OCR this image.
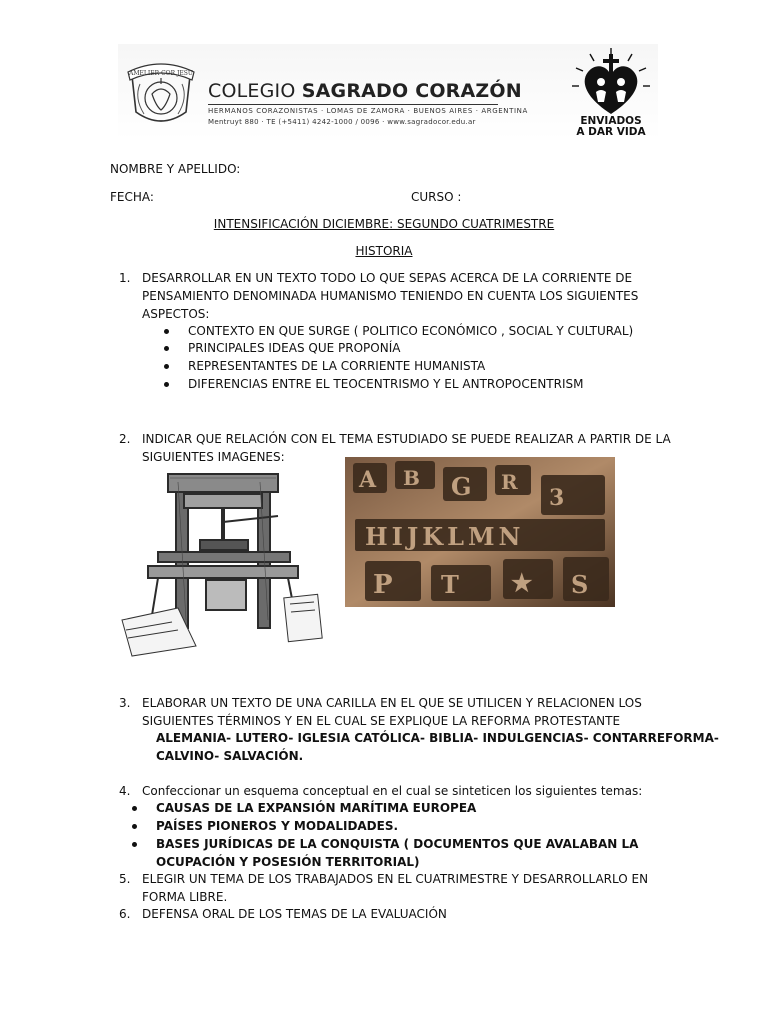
AMELIER COR JESU
COLEGIO SAGRADO CORAZÓN
HERMANOS CORAZONISTAS · LOMAS DE ZAMORA · BUENOS AIRES · ARGENTINA
Mentruyt 880 · TE (+5411) 4242-1000 / 0096 · www.sagradocor.edu.ar	ENVIADOS
A DAR VIDA
NOMBRE Y APELLIDO:
FECHA:	CURSO :
INTENSIFICACIÓN DICIEMBRE: SEGUNDO CUATRIMESTRE
HISTORIA
1. DESARROLLAR EN UN TEXTO TODO LO QUE SEPAS ACERCA DE LA CORRIENTE DE
PENSAMIENTO DENOMINADA HUMANISMO TENIENDO EN CUENTA LOS SIGUIENTES
ASPECTOS:
CONTEXTO EN QUE SURGE ( POLITICO ECONÓMICO , SOCIAL Y CULTURAL)
PRINCIPALES IDEAS QUE PROPONÍA
REPRESENTANTES DE LA CORRIENTE HUMANISTA
DIFERENCIAS ENTRE EL TEOCENTRISMO Y EL ANTROPOCENTRISM
2. INDICAR QUE RELACIÓN CON EL TEMA ESTUDIADO SE PUEDE REALIZAR A PARTIR DE LA
SIGUIENTES IMAGENES:
A B G R
3
HIJKLMN
P T ★ S
3. ELABORAR UN TEXTO DE UNA CARILLA EN EL QUE SE UTILICEN Y RELACIONEN LOS
SIGUIENTES TÉRMINOS Y EN EL CUAL SE EXPLIQUE LA REFORMA PROTESTANTE
ALEMANIA- LUTERO- IGLESIA CATÓLICA- BIBLIA- INDULGENCIAS- CONTARREFORMA-
CALVINO- SALVACIÓN.
4. Confeccionar un esquema conceptual en el cual se sinteticen los siguientes temas:
CAUSAS DE LA EXPANSIÓN MARÍTIMA EUROPEA
PAÍSES PIONEROS Y MODALIDADES.
BASES JURÍDICAS DE LA CONQUISTA ( DOCUMENTOS QUE AVALABAN LA
OCUPACIÓN Y POSESIÓN TERRITORIAL)
5. ELEGIR UN TEMA DE LOS TRABAJADOS EN EL CUATRIMESTRE Y DESARROLLARLO EN
FORMA LIBRE.
6. DEFENSA ORAL DE LOS TEMAS DE LA EVALUACIÓN
